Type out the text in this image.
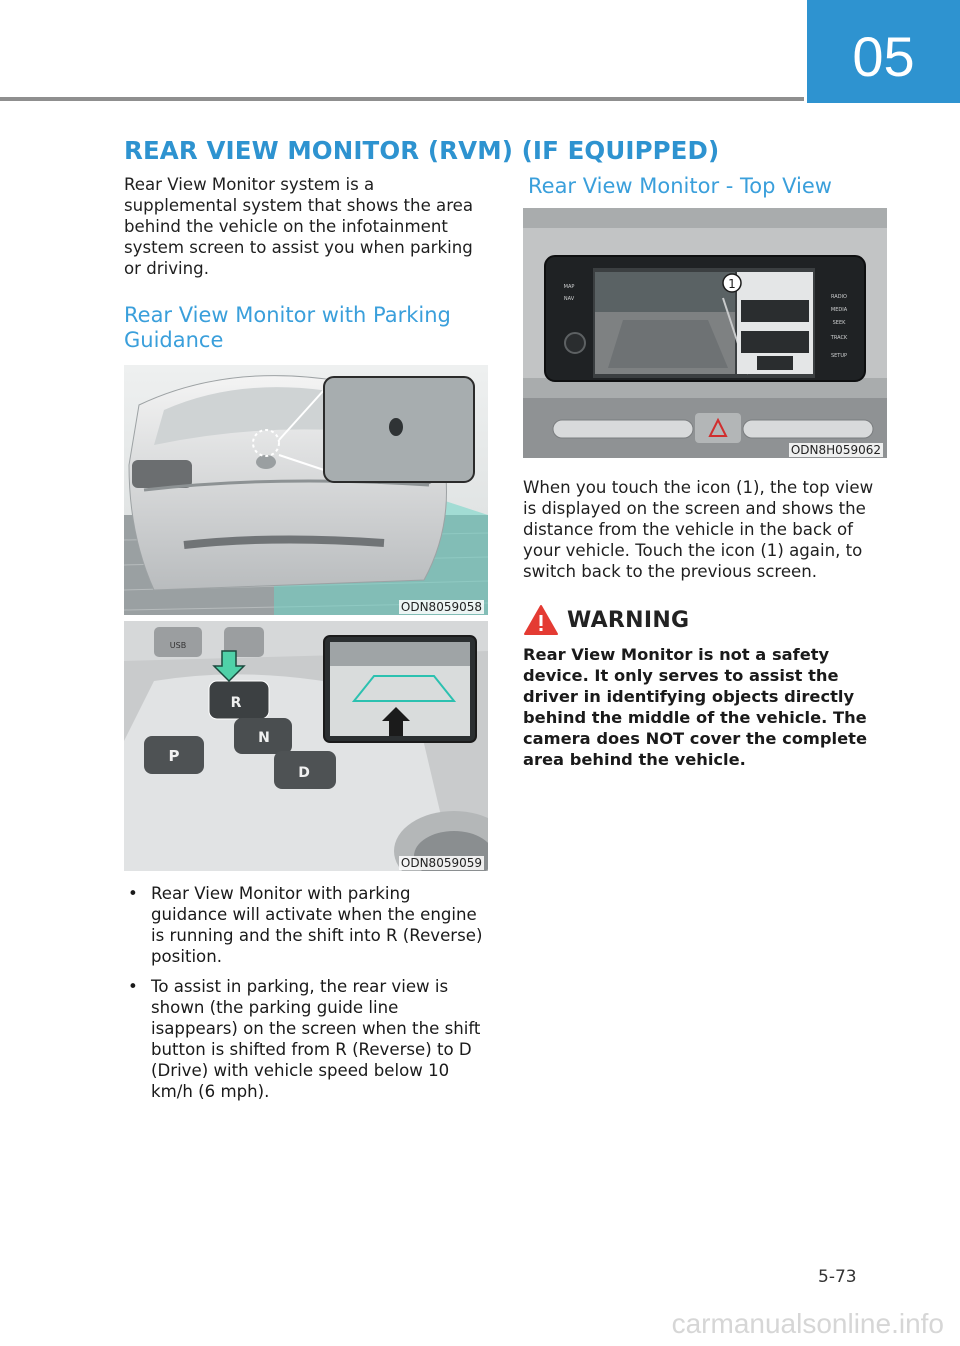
05
REAR VIEW MONITOR (RVM) (IF EQUIPPED)

Rear View Monitor system is a supplemental system that shows the area behind the vehicle on the infotainment system screen to assist you when parking or driving.

Rear View Monitor with Parking Guidance
ODN8059058
USB
P
R
N
D
ODN8059059
• Rear View Monitor with parking guidance will activate when the engine is running and the shift into R (Reverse) position.
• To assist in parking, the rear view is shown (the parking guide line isappears) on the screen when the shift button is shifted from R (Reverse) to D (Drive) with vehicle speed below 10 km/h (6 mph).
Rear View Monitor - Top View
1
MAP
NAV	RADIO
MEDIA
SEEK
TRACK
SETUP
ODN8H059062

When you touch the icon (1), the top view is displayed on the screen and shows the distance from the vehicle in the back of your vehicle. Touch the icon (1) again, to switch back to the previous screen.

WARNING

Rear View Monitor is not a safety device. It only serves to assist the driver in identifying objects directly behind the middle of the vehicle. The camera does NOT cover the complete area behind the vehicle.

5-73
carmanualsonline.info
